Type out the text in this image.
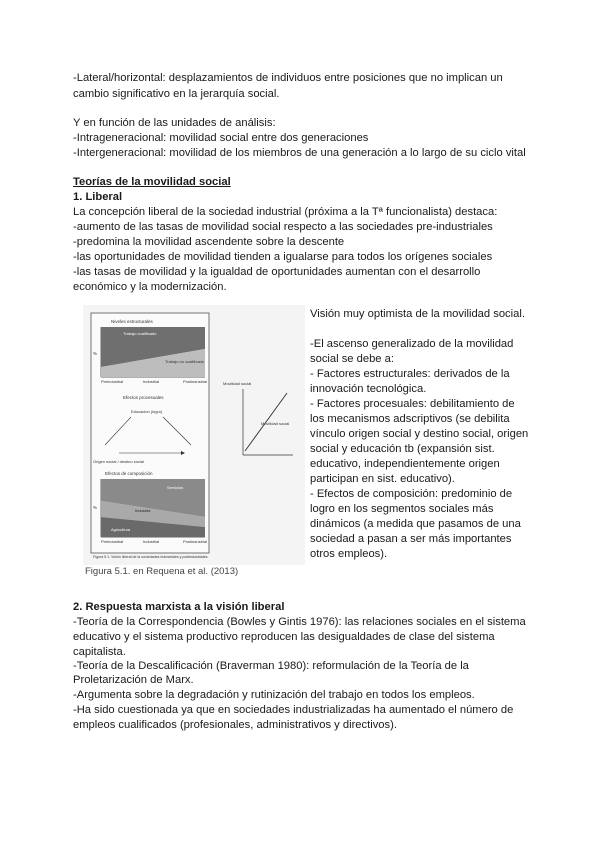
-Lateral/horizontal: desplazamientos de individuos entre posiciones que no implican un
cambio significativo en la jerarquía social.
Y en función de las unidades de análisis:
-Intrageneracional: movilidad social entre dos generaciones
-Intergeneracional: movilidad de los miembros de una generación a lo largo de su ciclo vital
Teorías de la movilidad social
1. Liberal
La concepción liberal de la sociedad industrial (próxima a la Tª funcionalista) destaca:
-aumento de las tasas de movilidad social respecto a las sociedades pre-industriales
-predomina la movilidad ascendente sobre la descente
-las oportunidades de movilidad tienden a igualarse para todos los orígenes sociales
-las tasas de movilidad y la igualdad de oportunidades aumentan con el desarrollo
económico y la modernización.
Niveles estructurales
Trabajo cualificado
Trabajo no cualificado
%
Preindustrial	Industrial	Postindustrial
Efectos procesuales
Educación (logro)
Origen social / destino social
Efectos de composición
Servicios
Industria
Agricultura
%
Preindustrial	Industrial	Postindustrial
Movilidad social
Movilidad social
Figura 5.1. Visión liberal de la sociedades industriales y postindustriales.
Figura 5.1. en Requena et al. (2013)
Visión muy optimista de la movilidad social.
-El ascenso generalizado de la movilidad
social se debe a:
- Factores estructurales: derivados de la
innovación tecnológica.
- Factores procesuales: debilitamiento de
los mecanismos adscriptivos (se debilita
vínculo origen social y destino social, origen
social y educación tb (expansión sist.
educativo, independientemente origen
participan en sist. educativo).
- Efectos de composición: predominio de
logro en los segmentos sociales más
dinámicos (a medida que pasamos de una
sociedad a pasan a ser más importantes
otros empleos).
2. Respuesta marxista a la visión liberal
-Teoría de la Correspondencia (Bowles y Gintis 1976): las relaciones sociales en el sistema
educativo y el sistema productivo reproducen las desigualdades de clase del sistema
capitalista.
-Teoría de la Descalificación (Braverman 1980): reformulación de la Teoría de la
Proletarización de Marx.
-Argumenta sobre la degradación y rutinización del trabajo en todos los empleos.
-Ha sido cuestionada ya que en sociedades industrializadas ha aumentado el número de
empleos cualificados (profesionales, administrativos y directivos).
